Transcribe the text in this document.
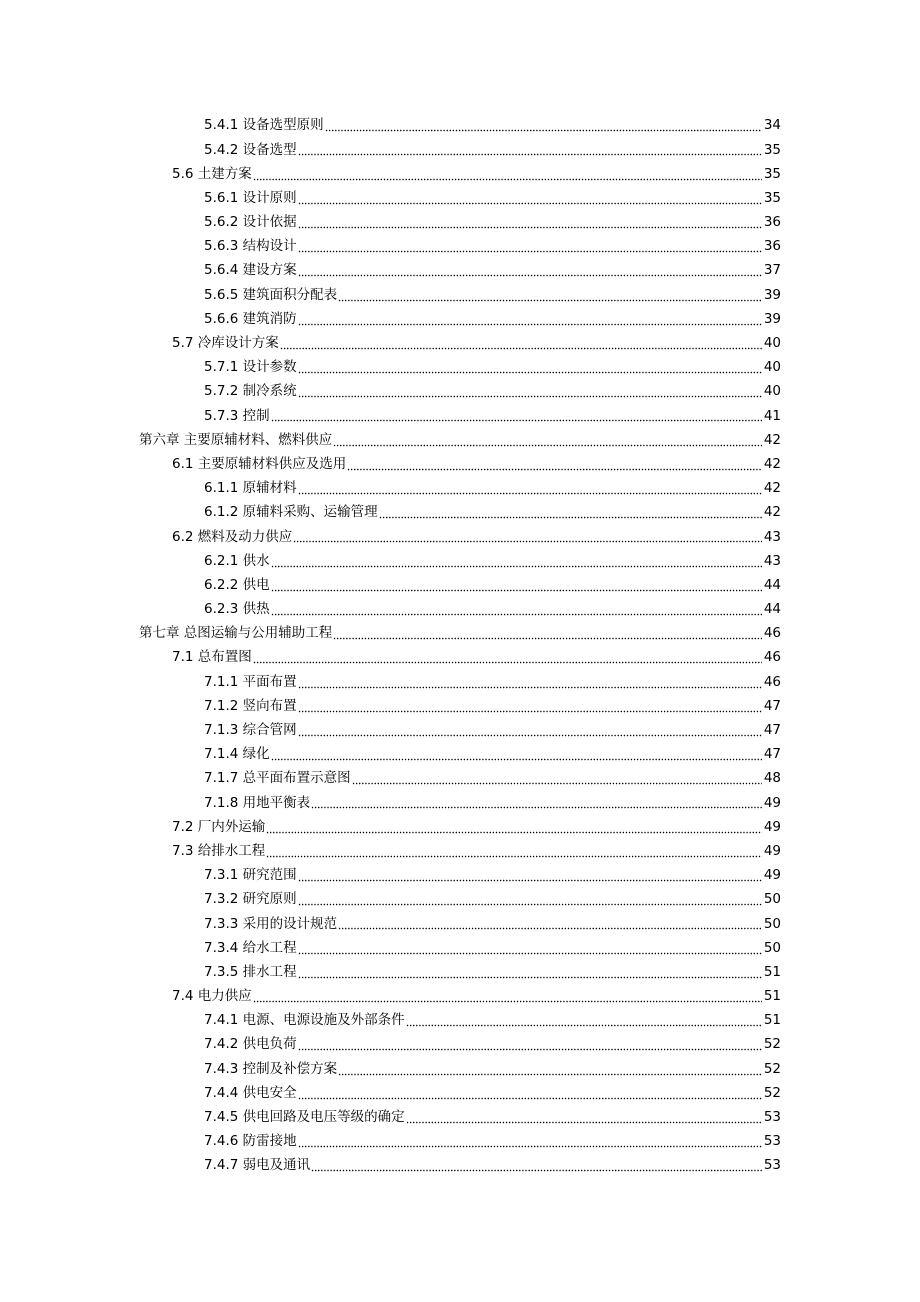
5.4.1 设备选型原则	34
5.4.2 设备选型	35
5.6 土建方案	35
5.6.1 设计原则	35
5.6.2 设计依据	36
5.6.3 结构设计	36
5.6.4 建设方案	37
5.6.5 建筑面积分配表	39
5.6.6 建筑消防	39
5.7 冷库设计方案	40
5.7.1 设计参数	40
5.7.2 制冷系统	40
5.7.3 控制	41
第六章 主要原辅材料、燃料供应	42
6.1 主要原辅材料供应及选用	42
6.1.1 原辅材料	42
6.1.2 原辅料采购、运输管理	42
6.2 燃料及动力供应	43
6.2.1 供水	43
6.2.2 供电	44
6.2.3 供热	44
第七章 总图运输与公用辅助工程	46
7.1 总布置图	46
7.1.1 平面布置	46
7.1.2 竖向布置	47
7.1.3 综合管网	47
7.1.4 绿化	47
7.1.7 总平面布置示意图	48
7.1.8 用地平衡表	49
7.2 厂内外运输	49
7.3 给排水工程	49
7.3.1 研究范围	49
7.3.2 研究原则	50
7.3.3 采用的设计规范	50
7.3.4 给水工程	50
7.3.5 排水工程	51
7.4 电力供应	51
7.4.1 电源、电源设施及外部条件	51
7.4.2 供电负荷	52
7.4.3 控制及补偿方案	52
7.4.4 供电安全	52
7.4.5 供电回路及电压等级的确定	53
7.4.6 防雷接地	53
7.4.7 弱电及通讯	53
